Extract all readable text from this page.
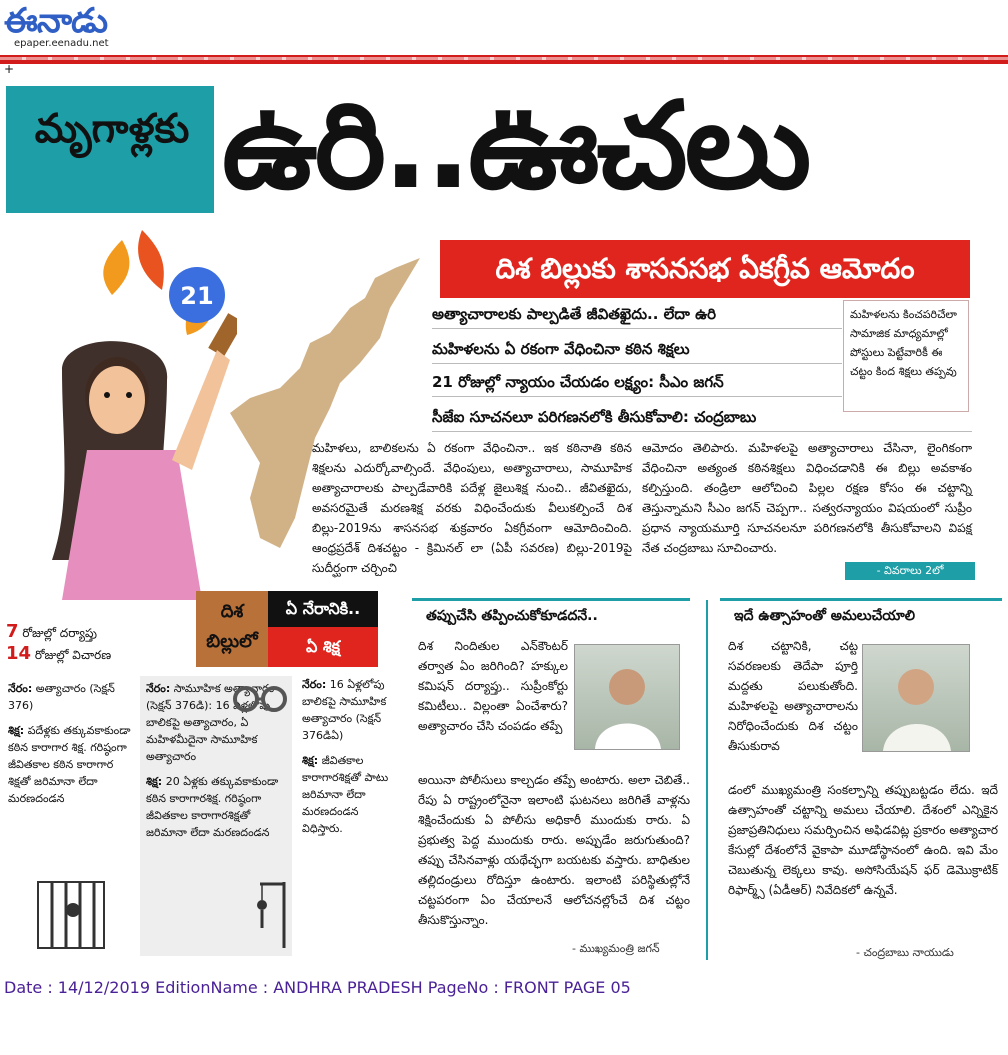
ఈనాడు
epaper.eenadu.net
+
మృగాళ్లకు ఉరి..ఊచలు
21
దిశ బిల్లుకు శాసనసభ ఏకగ్రీవ ఆమోదం
అత్యాచారాలకు పాల్పడితే జీవితఖైదు.. లేదా ఉరి
మహిళలను ఏ రకంగా వేధించినా కఠిన శిక్షలు
21 రోజుల్లో న్యాయం చేయడం లక్ష్యం: సీఎం జగన్
సీజేఐ సూచనలూ పరిగణనలోకి తీసుకోవాలి: చంద్రబాబు
మహిళలను కించపరిచేలా సామాజిక మాధ్యమాల్లో పోస్టులు పెట్టేవారికీ ఈ చట్టం కింద శిక్షలు తప్పవు
మహిళలు, బాలికలను ఏ రకంగా వేధించినా.. ఇక కఠినాతి కఠిన శిక్షలను ఎదుర్కోవాల్సిందే. వేధింపులు, అత్యాచారాలు, సామూహిక అత్యాచారాలకు పాల్పడేవారికి పదేళ్ల జైలుశిక్ష నుంచి.. జీవితఖైదు, అవసరమైతే మరణశిక్ష వరకు విధించేందుకు వీలుకల్పించే దిశ బిల్లు-2019ను శాసనసభ శుక్రవారం ఏకగ్రీవంగా ఆమోదించింది. ఆంధ్రప్రదేశ్ దిశచట్టం - క్రిమినల్ లా (ఏపీ సవరణ) బిల్లు-2019పై సుదీర్ఘంగా చర్చించి
ఆమోదం తెలిపారు. మహిళలపై అత్యాచారాలు చేసినా, లైంగికంగా వేధించినా అత్యంత కఠినశిక్షలు విధించడానికి ఈ బిల్లు అవకాశం కల్పిస్తుంది. తండ్రిలా ఆలోచించి పిల్లల రక్షణ కోసం ఈ చట్టాన్ని తెస్తున్నామని సీఎం జగన్ చెప్పగా.. సత్వరన్యాయం విషయంలో సుప్రీం ప్రధాన న్యాయమూర్తి సూచనలనూ పరిగణనలోకి తీసుకోవాలని విపక్ష నేత చంద్రబాబు సూచించారు.
- వివరాలు 2లో
దిశ బిల్లులో
ఏ నేరానికి..
ఏ శిక్ష
7 రోజుల్లో దర్యాప్తు
14 రోజుల్లో విచారణ
నేరం: అత్యాచారం (సెక్షన్ 376)
శిక్ష: పదేళ్లకు తక్కువకాకుండా కఠిన కారాగార శిక్ష. గరిష్ఠంగా జీవితకాల కఠిన కారాగార శిక్షతో జరిమానా లేదా మరణదండన
నేరం: సామూహిక అత్యాచారం (సెక్షన్ 376డి): 16 ఏళ్లలోపు బాలికపై అత్యాచారం, ఏ మహిళమీదైనా సామూహిక అత్యాచారం
శిక్ష: 20 ఏళ్లకు తక్కువకాకుండా కఠిన కారాగారశిక్ష. గరిష్ఠంగా జీవితకాల కారాగారశిక్షతో జరిమానా లేదా మరణదండన
నేరం: 16 ఏళ్లలోపు బాలికపై సామూహిక అత్యాచారం (సెక్షన్ 376డిఏ)
శిక్ష: జీవితకాల కారాగారశిక్షతో పాటు జరిమానా లేదా మరణదండన విధిస్తారు.
తప్పుచేసి తప్పించుకోకూడదనే..
దిశ నిందితుల ఎన్‌కౌంటర్ తర్వాత ఏం జరిగింది? హక్కుల కమిషన్ దర్యాప్తు.. సుప్రీంకోర్టు కమిటీలు.. విల్లంతా ఏంచేశారు? అత్యాచారం చేసి చంపడం తప్పే
అయినా పోలీసులు కాల్చడం తప్పే అంటారు. అలా చెబితే.. రేపు ఏ రాష్ట్రంలోనైనా ఇలాంటి ఘటనలు జరిగితే వాళ్లను శిక్షించేందుకు ఏ పోలీసు అధికారీ ముందుకు రారు. ఏ ప్రభుత్వ పెద్ద ముందుకు రారు. అప్పుడేం జరుగుతుంది? తప్పు చేసినవాళ్లు యథేచ్ఛగా బయటకు వస్తారు. బాధితుల తల్లిదండ్రులు రోదిస్తూ ఉంటారు. ఇలాంటి పరిస్థితుల్లోనే చట్టపరంగా ఏం చేయాలనే ఆలోచనల్లోంచే దిశ చట్టం తీసుకొస్తున్నాం.
- ముఖ్యమంత్రి జగన్
ఇదే ఉత్సాహంతో అమలుచేయాలి
దిశ చట్టానికి, చట్ట సవరణలకు తెదేపా పూర్తి మద్దతు పలుకుతోంది. మహిళలపై అత్యాచారాలను నిరోధించేందుకు దిశ చట్టం తీసుకురావ
డంలో ముఖ్యమంత్రి సంకల్పాన్ని తప్పుబట్టడం లేదు. ఇదే ఉత్సాహంతో చట్టాన్ని అమలు చేయాలి. దేశంలో ఎన్నికైన ప్రజాప్రతినిధులు సమర్పించిన అఫిడవిట్ల ప్రకారం అత్యాచార కేసుల్లో దేశంలోనే వైకాపా మూడోస్థానంలో ఉంది. ఇవి మేం చెబుతున్న లెక్కలు కావు. అసోసియేషన్ ఫర్ డెమొక్రాటిక్ రిఫార్మ్స్ (ఏడీఆర్) నివేదికలో ఉన్నవే.
- చంద్రబాబు నాయుడు
Date : 14/12/2019 EditionName : ANDHRA PRADESH PageNo : FRONT PAGE 05
